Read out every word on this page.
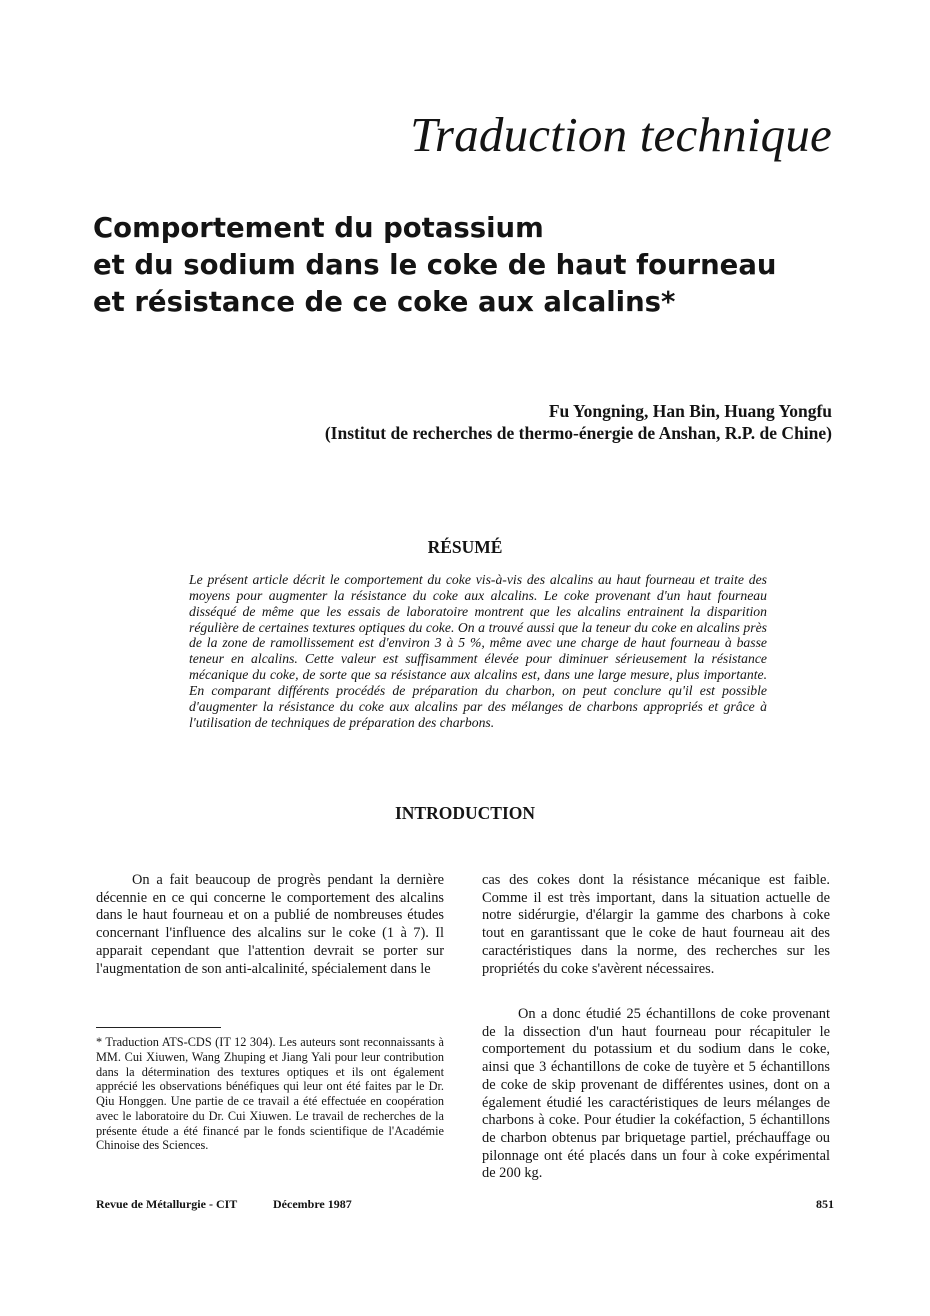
Traduction technique
Comportement du potassium
et du sodium dans le coke de haut fourneau
et résistance de ce coke aux alcalins*
Fu Yongning, Han Bin, Huang Yongfu
(Institut de recherches de thermo-énergie de Anshan, R.P. de Chine)
RÉSUMÉ

Le présent article décrit le comportement du coke vis-à-vis des alcalins au haut fourneau et traite des moyens pour augmenter la résistance du coke aux alcalins. Le coke provenant d'un haut fourneau disséqué de même que les essais de laboratoire montrent que les alcalins entrainent la disparition régulière de certaines textures optiques du coke. On a trouvé aussi que la teneur du coke en alcalins près de la zone de ramollissement est d'environ 3 à 5 %, même avec une charge de haut fourneau à basse teneur en alcalins. Cette valeur est suffisamment élevée pour diminuer sérieusement la résistance mécanique du coke, de sorte que sa résistance aux alcalins est, dans une large mesure, plus importante. En comparant différents procédés de préparation du charbon, on peut conclure qu'il est possible d'augmenter la résistance du coke aux alcalins par des mélanges de charbons appropriés et grâce à l'utilisation de techniques de préparation des charbons.

INTRODUCTION

On a fait beaucoup de progrès pendant la dernière décennie en ce qui concerne le comportement des alcalins dans le haut fourneau et on a publié de nombreuses études concernant l'influence des alcalins sur le coke (1 à 7). Il apparait cependant que l'attention devrait se porter sur l'augmentation de son anti-alcalinité, spécialement dans le

cas des cokes dont la résistance mécanique est faible. Comme il est très important, dans la situation actuelle de notre sidérurgie, d'élargir la gamme des charbons à coke tout en garantissant que le coke de haut fourneau ait des caractéristiques dans la norme, des recherches sur les propriétés du coke s'avèrent nécessaires.

On a donc étudié 25 échantillons de coke provenant de la dissection d'un haut fourneau pour récapituler le comportement du potassium et du sodium dans le coke, ainsi que 3 échantillons de coke de tuyère et 5 échantillons de coke de skip provenant de différentes usines, dont on a également étudié les caractéristiques de leurs mélanges de charbons à coke. Pour étudier la cokéfaction, 5 échantillons de charbon obtenus par briquetage partiel, préchauffage ou pilonnage ont été placés dans un four à coke expérimental de 200 kg.

* Traduction ATS-CDS (IT 12 304). Les auteurs sont reconnaissants à MM. Cui Xiuwen, Wang Zhuping et Jiang Yali pour leur contribution dans la détermination des textures optiques et ils ont également apprécié les observations bénéfiques qui leur ont été faites par le Dr. Qiu Honggen. Une partie de ce travail a été effectuée en coopération avec le laboratoire du Dr. Cui Xiuwen. Le travail de recherches de la présente étude a été financé par le fonds scientifique de l'Académie Chinoise des Sciences.

Revue de Métallurgie - CIT	Décembre 1987	851
